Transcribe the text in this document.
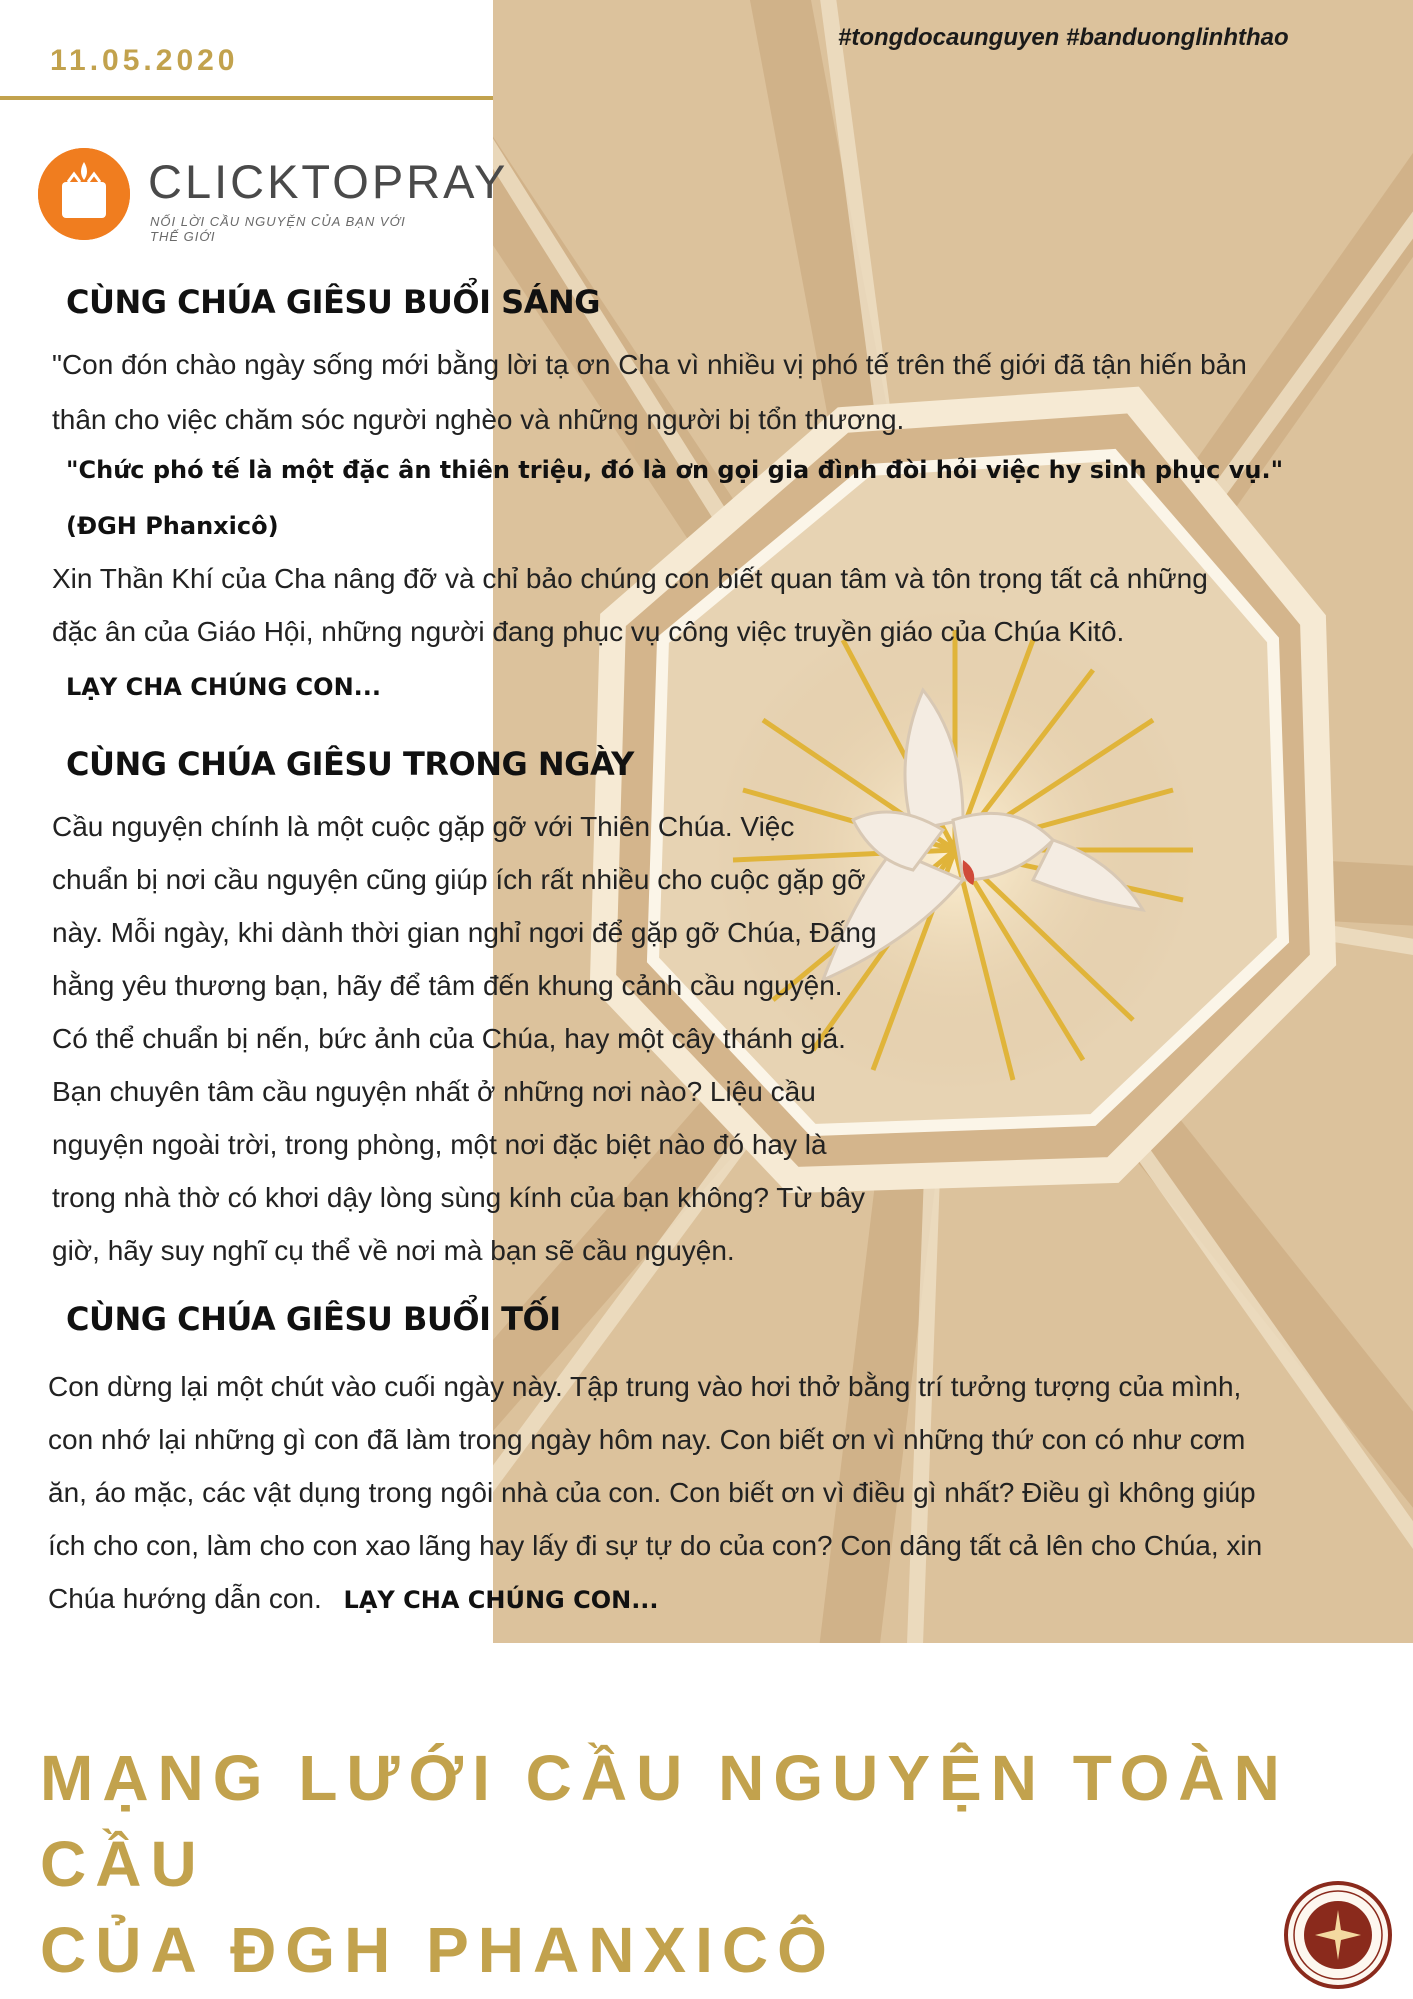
11.05.2020
#tongdocaunguyen #banduonglinhthao
CLICKTOPRAY
NỐI LỜI CẦU NGUYỆN CỦA BẠN VỚI THẾ GIỚI
CÙNG CHÚA GIÊSU BUỔI SÁNG
"Con đón chào ngày sống mới bằng lời tạ ơn Cha vì nhiều vị phó tế trên thế giới đã tận hiến bản
thân cho việc chăm sóc người nghèo và những người bị tổn thương.
"Chức phó tế là một đặc ân thiên triệu, đó là ơn gọi gia đình đòi hỏi việc hy sinh phục vụ."
(ĐGH Phanxicô)
Xin Thần Khí của Cha nâng đỡ và chỉ bảo chúng con biết quan tâm và tôn trọng tất cả những
đặc ân của Giáo Hội, những người đang phục vụ công việc truyền giáo của Chúa Kitô.
LẠY CHA CHÚNG CON...
CÙNG CHÚA GIÊSU TRONG NGÀY
Cầu nguyện chính là một cuộc gặp gỡ với Thiên Chúa. Việc
chuẩn bị nơi cầu nguyện cũng giúp ích rất nhiều cho cuộc gặp gỡ
này. Mỗi ngày, khi dành thời gian nghỉ ngơi để gặp gỡ Chúa, Đấng
hằng yêu thương bạn, hãy để tâm đến khung cảnh cầu nguyện.
Có thể chuẩn bị nến, bức ảnh của Chúa, hay một cây thánh giá.
Bạn chuyên tâm cầu nguyện nhất ở những nơi nào? Liệu cầu
nguyện ngoài trời, trong phòng, một nơi đặc biệt nào đó hay là
trong nhà thờ có khơi dậy lòng sùng kính của bạn không? Từ bây
giờ, hãy suy nghĩ cụ thể về nơi mà bạn sẽ cầu nguyện.
CÙNG CHÚA GIÊSU BUỔI TỐI
Con dừng lại một chút vào cuối ngày này. Tập trung vào hơi thở bằng trí tưởng tượng của mình,
con nhớ lại những gì con đã làm trong ngày hôm nay. Con biết ơn vì những thứ con có như cơm
ăn, áo mặc, các vật dụng trong ngôi nhà của con. Con biết ơn vì điều gì nhất? Điều gì không giúp
ích cho con, làm cho con xao lãng hay lấy đi sự tự do của con? Con dâng tất cả lên cho Chúa, xin
Chúa hướng dẫn con. LẠY CHA CHÚNG CON...
MẠNG LƯỚI CẦU NGUYỆN TOÀN CẦU
CỦA ĐGH PHANXICÔ
